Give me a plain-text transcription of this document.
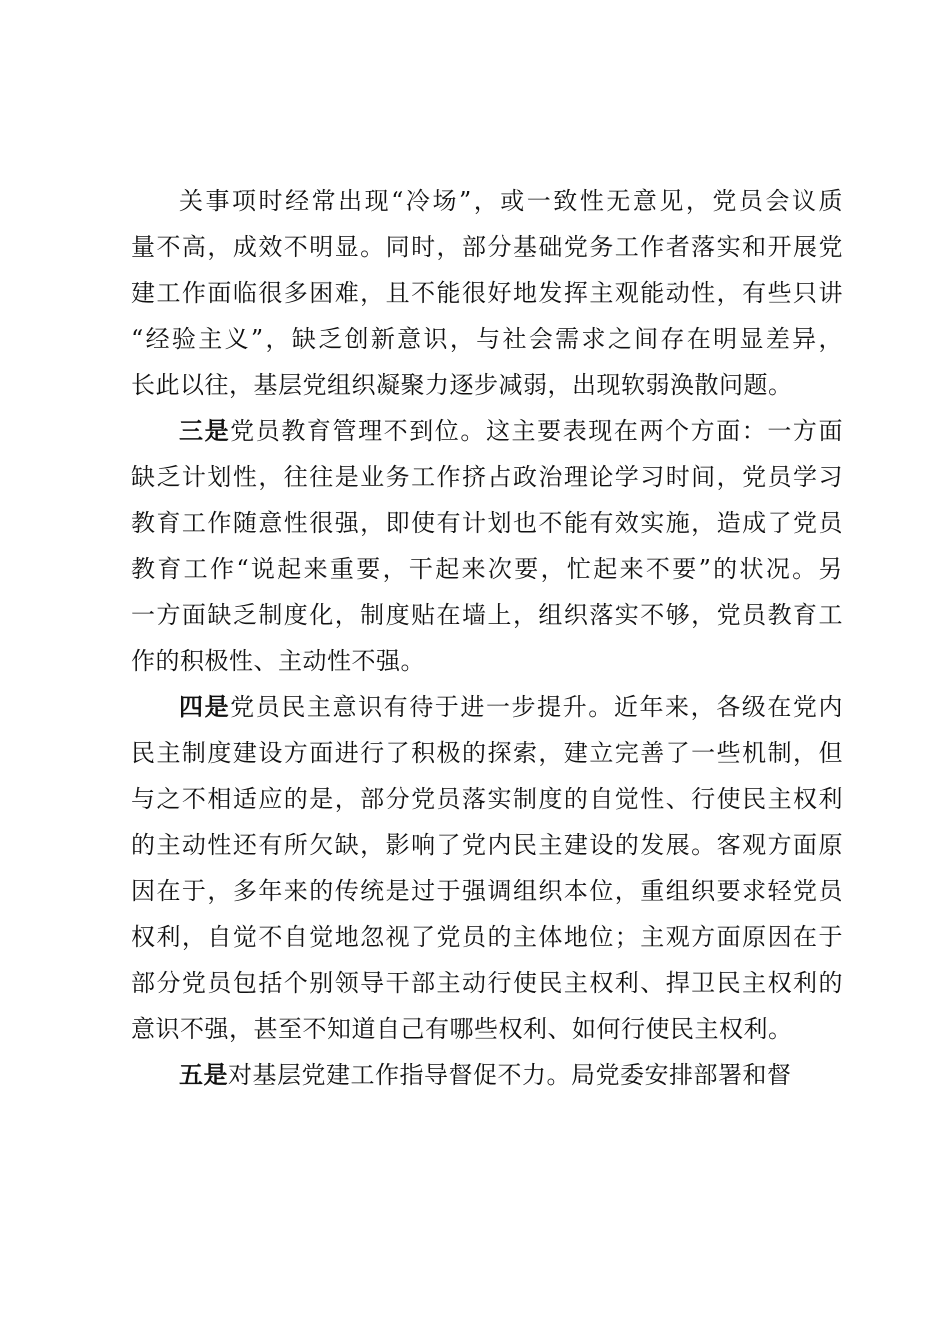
关事项时经常出现“冷场”，或一致性无意见，党员会议质
量不高，成效不明显。同时，部分基础党务工作者落实和开展党
建工作面临很多困难，且不能很好地发挥主观能动性，有些只讲
“经验主义”，缺乏创新意识，与社会需求之间存在明显差异，
长此以往，基层党组织凝聚力逐步减弱，出现软弱涣散问题。
三是党员教育管理不到位。这主要表现在两个方面：一方面
缺乏计划性，往往是业务工作挤占政治理论学习时间，党员学习
教育工作随意性很强，即使有计划也不能有效实施，造成了党员
教育工作“说起来重要，干起来次要，忙起来不要”的状况。另
一方面缺乏制度化，制度贴在墙上，组织落实不够，党员教育工
作的积极性、主动性不强。
四是党员民主意识有待于进一步提升。近年来，各级在党内
民主制度建设方面进行了积极的探索，建立完善了一些机制，但
与之不相适应的是，部分党员落实制度的自觉性、行使民主权利
的主动性还有所欠缺，影响了党内民主建设的发展。客观方面原
因在于，多年来的传统是过于强调组织本位，重组织要求轻党员
权利，自觉不自觉地忽视了党员的主体地位；主观方面原因在于
部分党员包括个别领导干部主动行使民主权利、捍卫民主权利的
意识不强，甚至不知道自己有哪些权利、如何行使民主权利。
五是对基层党建工作指导督促不力。局党委安排部署和督
